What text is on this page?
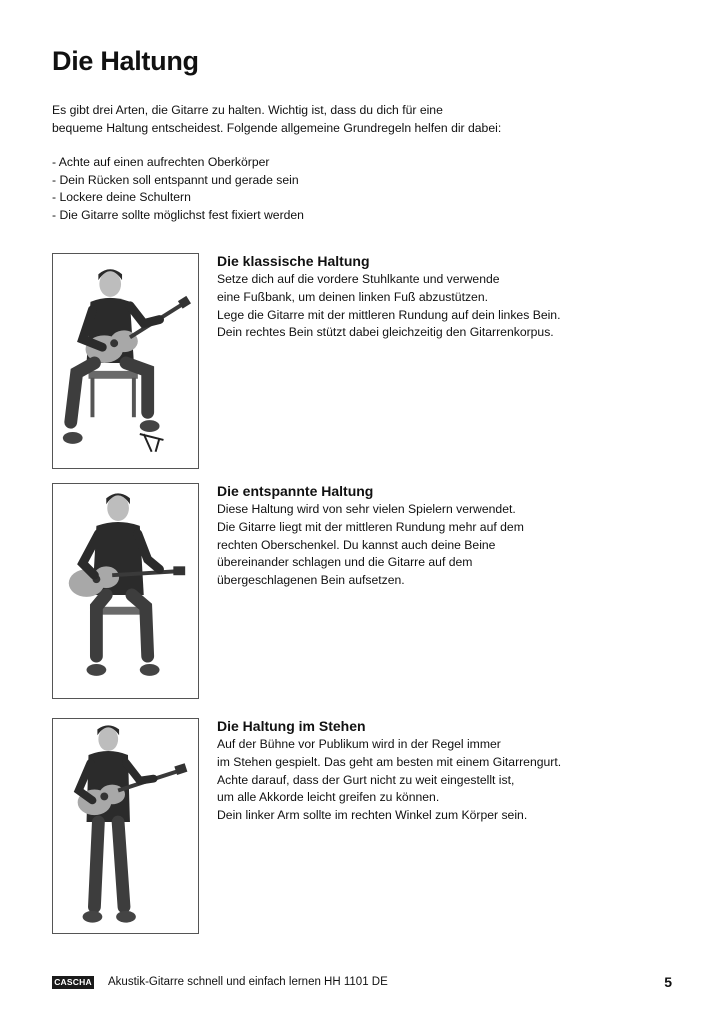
Die Haltung

Es gibt drei Arten, die Gitarre zu halten. Wichtig ist, dass du dich für eine

bequeme Haltung entscheidest. Folgende allgemeine Grundregeln helfen dir dabei:

- Achte auf einen aufrechten Oberkörper
- Dein Rücken soll entspannt und gerade sein
- Lockere deine Schultern
- Die Gitarre sollte möglichst fest fixiert werden
Die klassische Haltung
Setze dich auf die vordere Stuhlkante und verwende
eine Fußbank, um deinen linken Fuß abzustützen.
Lege die Gitarre mit der mittleren Rundung auf dein linkes Bein.
Dein rechtes Bein stützt dabei gleichzeitig den Gitarrenkorpus.
Die entspannte Haltung
Diese Haltung wird von sehr vielen Spielern verwendet.
Die Gitarre liegt mit der mittleren Rundung mehr auf dem
rechten Oberschenkel. Du kannst auch deine Beine
übereinander schlagen und die Gitarre auf dem
übergeschlagenen Bein aufsetzen.
Die Haltung im Stehen
Auf der Bühne vor Publikum wird in der Regel immer
im Stehen gespielt. Das geht am besten mit einem Gitarrengurt.
Achte darauf, dass der Gurt nicht zu weit eingestellt ist,
um alle Akkorde leicht greifen zu können.
Dein linker Arm sollte im rechten Winkel zum Körper sein.
CASCHA Akustik-Gitarre schnell und einfach lernen HH 1101 DE	5
